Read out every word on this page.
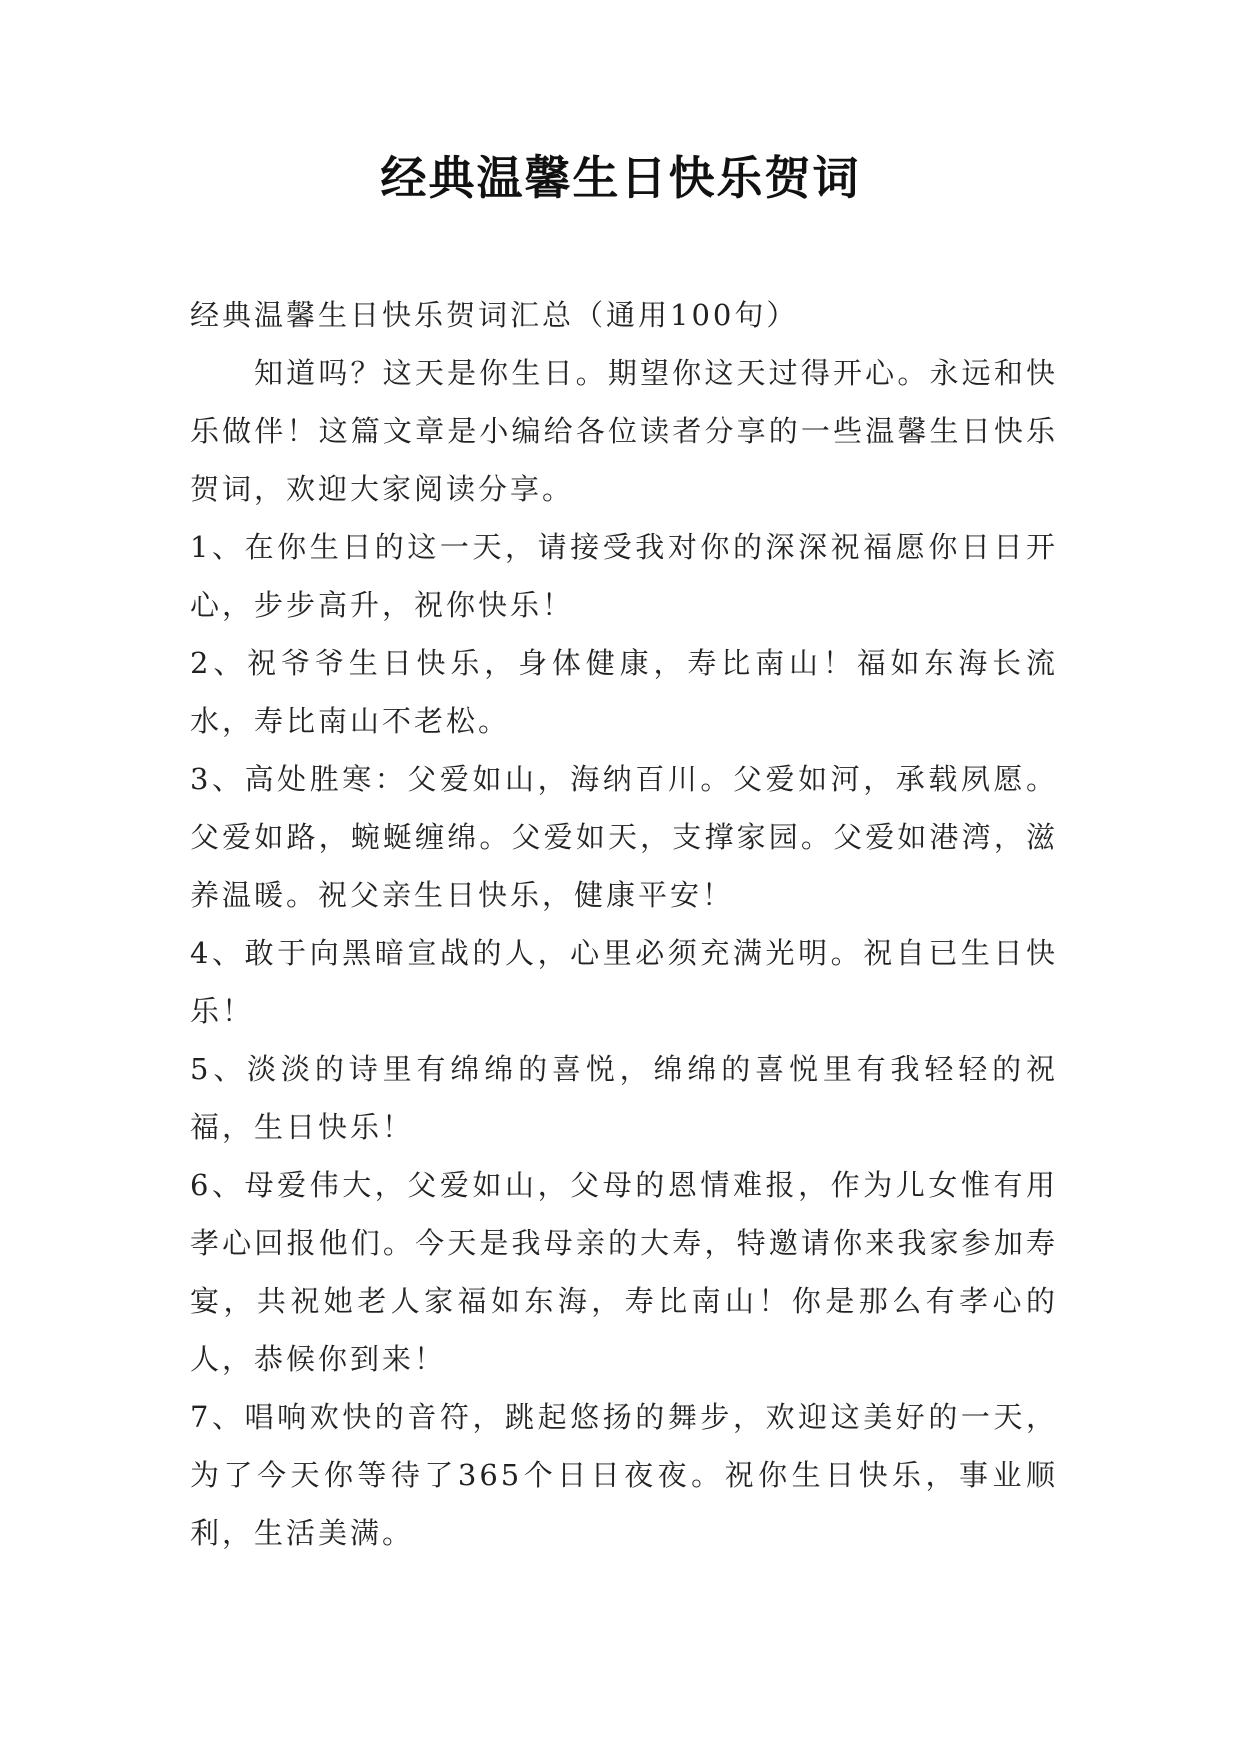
经典温馨生日快乐贺词

经典温馨生日快乐贺词汇总（通用100句）

知道吗？这天是你生日。期望你这天过得开心。永远和快乐做伴！这篇文章是小编给各位读者分享的一些温馨生日快乐贺词，欢迎大家阅读分享。

1、在你生日的这一天，请接受我对你的深深祝福愿你日日开心，步步高升，祝你快乐！

2、祝爷爷生日快乐，身体健康，寿比南山！福如东海长流水，寿比南山不老松。

3、高处胜寒：父爱如山，海纳百川。父爱如河，承载夙愿。父爱如路，蜿蜒缠绵。父爱如天，支撑家园。父爱如港湾，滋养温暖。祝父亲生日快乐，健康平安！

4、敢于向黑暗宣战的人，心里必须充满光明。祝自已生日快乐！

5、淡淡的诗里有绵绵的喜悦，绵绵的喜悦里有我轻轻的祝福，生日快乐！

6、母爱伟大，父爱如山，父母的恩情难报，作为儿女惟有用孝心回报他们。今天是我母亲的大寿，特邀请你来我家参加寿宴，共祝她老人家福如东海，寿比南山！你是那么有孝心的人，恭候你到来！

7、唱响欢快的音符，跳起悠扬的舞步，欢迎这美好的一天，为了今天你等待了365个日日夜夜。祝你生日快乐，事业顺利，生活美满。
